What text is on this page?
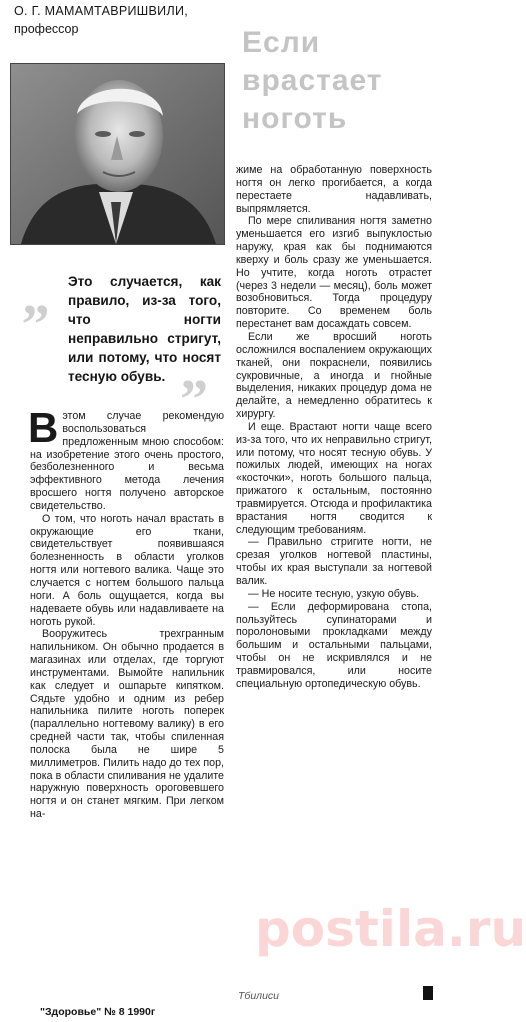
О. Г. МАМАМТАВРИШВИЛИ,
профессор	Если
врастает
ноготь
„ Это случается, как правило, из-за того, что ногти неправильно стригут, или потому, что носят тесную обувь. ”

Вэтом случае рекомендую воспользоваться предложенным мною способом: на изобретение этого очень простого, безболезненного и весьма эффективного метода лечения вросшего ногтя получено авторское свидетельство.

О том, что ноготь начал врастать в окружающие его ткани, свидетельствует появившаяся болезненность в области уголков ногтя или ногтевого валика. Чаще это случается с ногтем большого пальца ноги. А боль ощущается, когда вы надеваете обувь или надавливаете на ноготь рукой.

Вооружитесь трехгранным напильником. Он обычно продается в магазинах или отделах, где торгуют инструментами. Вымойте напильник как следует и ошпарьте кипятком. Сядьте удобно и одним из ребер напильника пилите ноготь поперек (параллельно ногтевому валику) в его средней части так, чтобы спиленная полоска была не шире 5 миллиметров. Пилить надо до тех пор, пока в области спиливания не удалите наружную поверхность ороговевшего ногтя и он станет мягким. При легком на-

жиме на обработанную поверхность ногтя он легко прогибается, а когда перестаете надавливать, выпрямляется.

По мере спиливания ногтя заметно уменьшается его изгиб выпуклостью наружу, края как бы поднимаются кверху и боль сразу же уменьшается. Но учтите, когда ноготь отрастет (через 3 недели — месяц), боль может возобновиться. Тогда процедуру повторите. Со временем боль перестанет вам досаждать совсем.

Если же вросший ноготь осложнился воспалением окружающих тканей, они покраснели, появились сукровичные, а иногда и гнойные выделения, никаких процедур дома не делайте, а немедленно обратитесь к хирургу.

И еще. Врастают ногти чаще всего из-за того, что их неправильно стригут, или потому, что носят тесную обувь. У пожилых людей, имеющих на ногах «косточки», ноготь большого пальца, прижатого к остальным, постоянно травмируется. Отсюда и профилактика врастания ногтя сводится к следующим требованиям.

— Правильно стригите ногти, не срезая уголков ногтевой пластины, чтобы их края выступали за ногтевой валик.

— Не носите тесную, узкую обувь.

— Если деформирована стопа, пользуйтесь супинаторами и поролоновыми прокладками между большим и остальными пальцами, чтобы он не искривлялся и не травмировался, или носите специальную ортопедическую обувь.

Тбилиси
"Здоровье" № 8 1990г
postila.ru
